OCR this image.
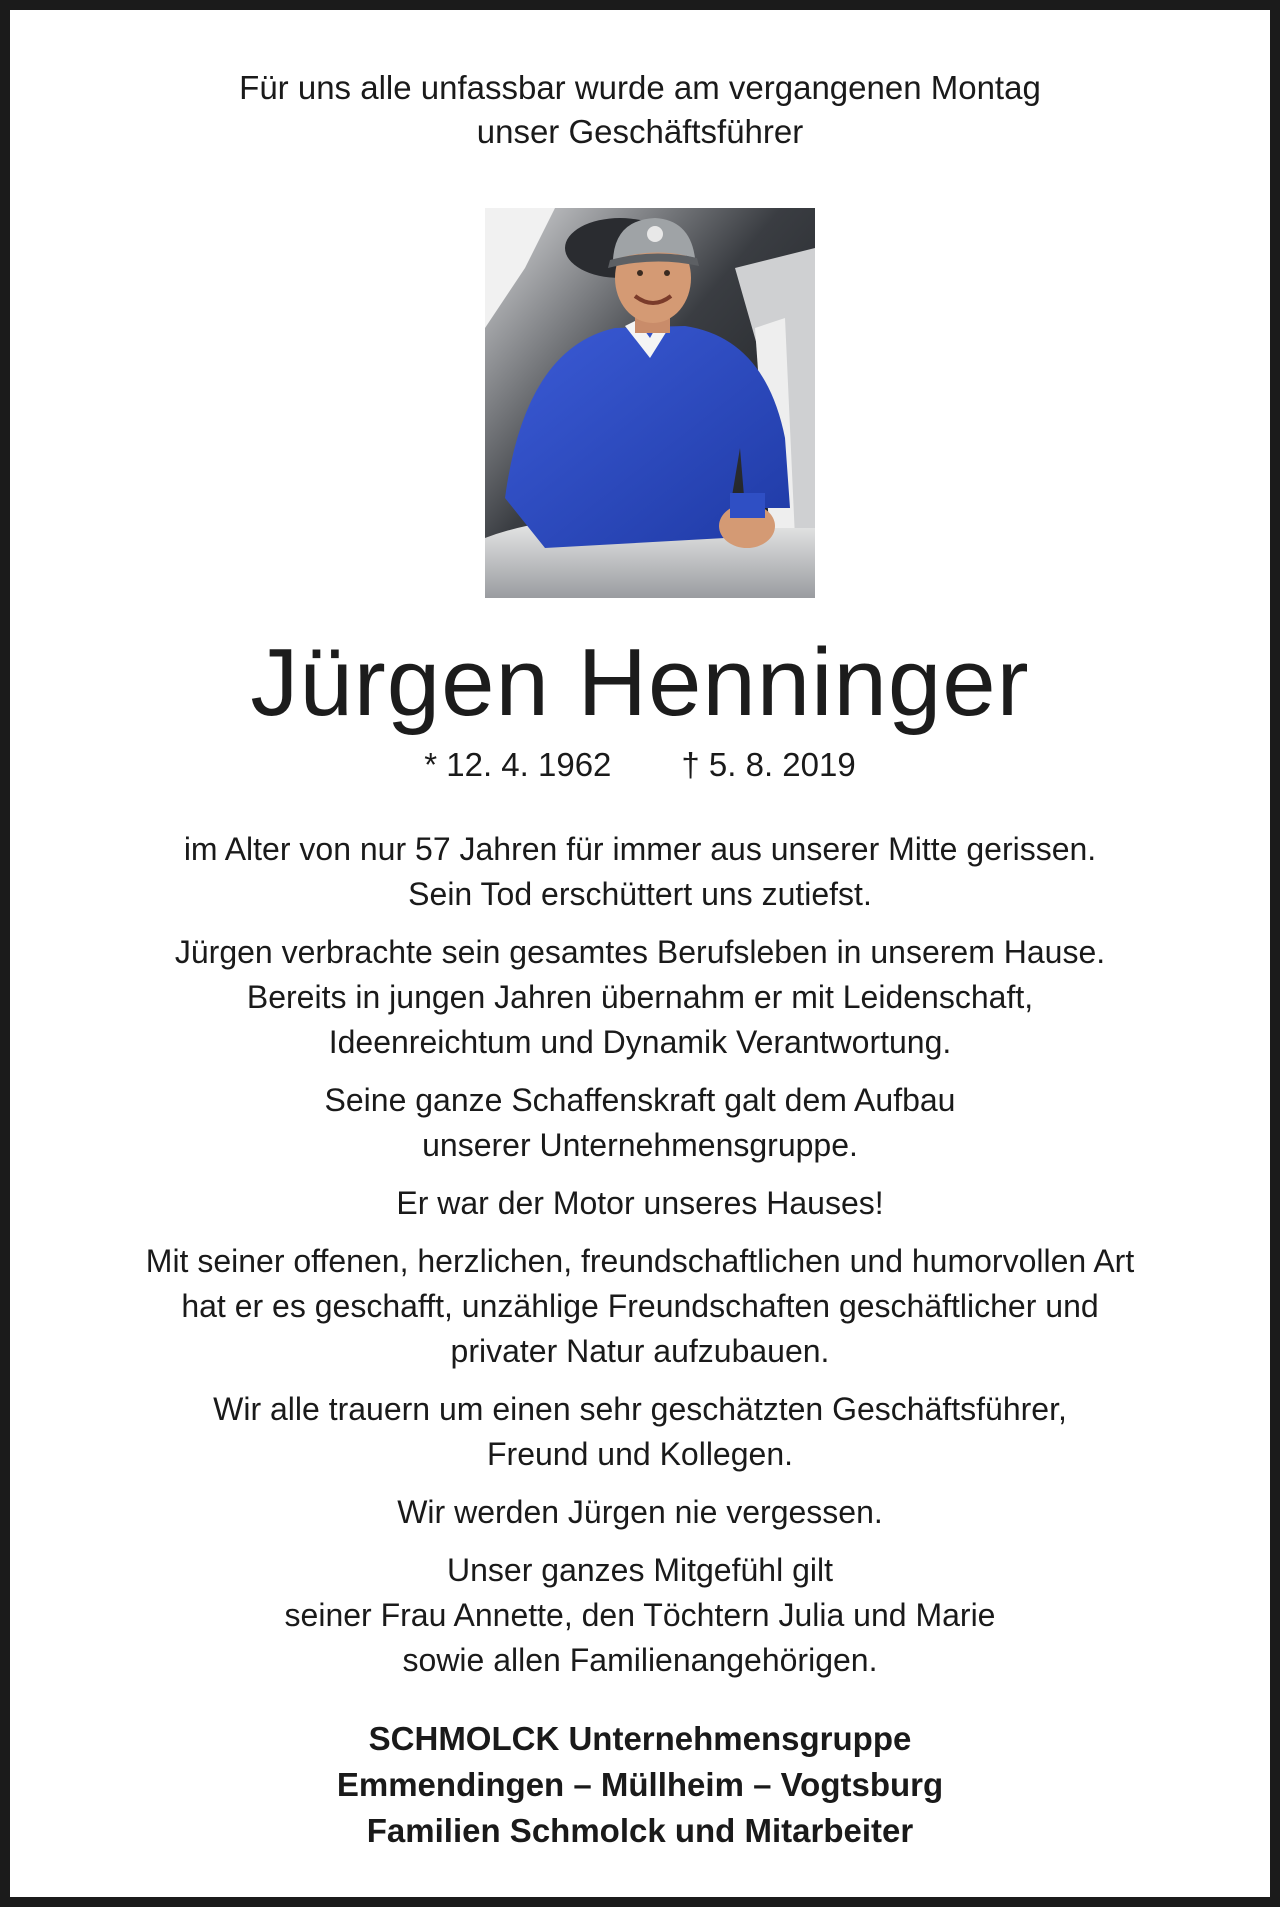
Für uns alle unfassbar wurde am vergangenen Montag
unser Geschäftsführer
Jürgen Henninger
* 12. 4. 1962 † 5. 8. 2019
im Alter von nur 57 Jahren für immer aus unserer Mitte gerissen.
Sein Tod erschüttert uns zutiefst.
Jürgen verbrachte sein gesamtes Berufsleben in unserem Hause.
Bereits in jungen Jahren übernahm er mit Leidenschaft,
Ideenreichtum und Dynamik Verantwortung.
Seine ganze Schaffenskraft galt dem Aufbau
unserer Unternehmensgruppe.
Er war der Motor unseres Hauses!
Mit seiner offenen, herzlichen, freundschaftlichen und humorvollen Art
hat er es geschafft, unzählige Freundschaften geschäftlicher und
privater Natur aufzubauen.
Wir alle trauern um einen sehr geschätzten Geschäftsführer,
Freund und Kollegen.
Wir werden Jürgen nie vergessen.
Unser ganzes Mitgefühl gilt
seiner Frau Annette, den Töchtern Julia und Marie
sowie allen Familienangehörigen.
SCHMOLCK Unternehmensgruppe
Emmendingen – Müllheim – Vogtsburg
Familien Schmolck und Mitarbeiter
